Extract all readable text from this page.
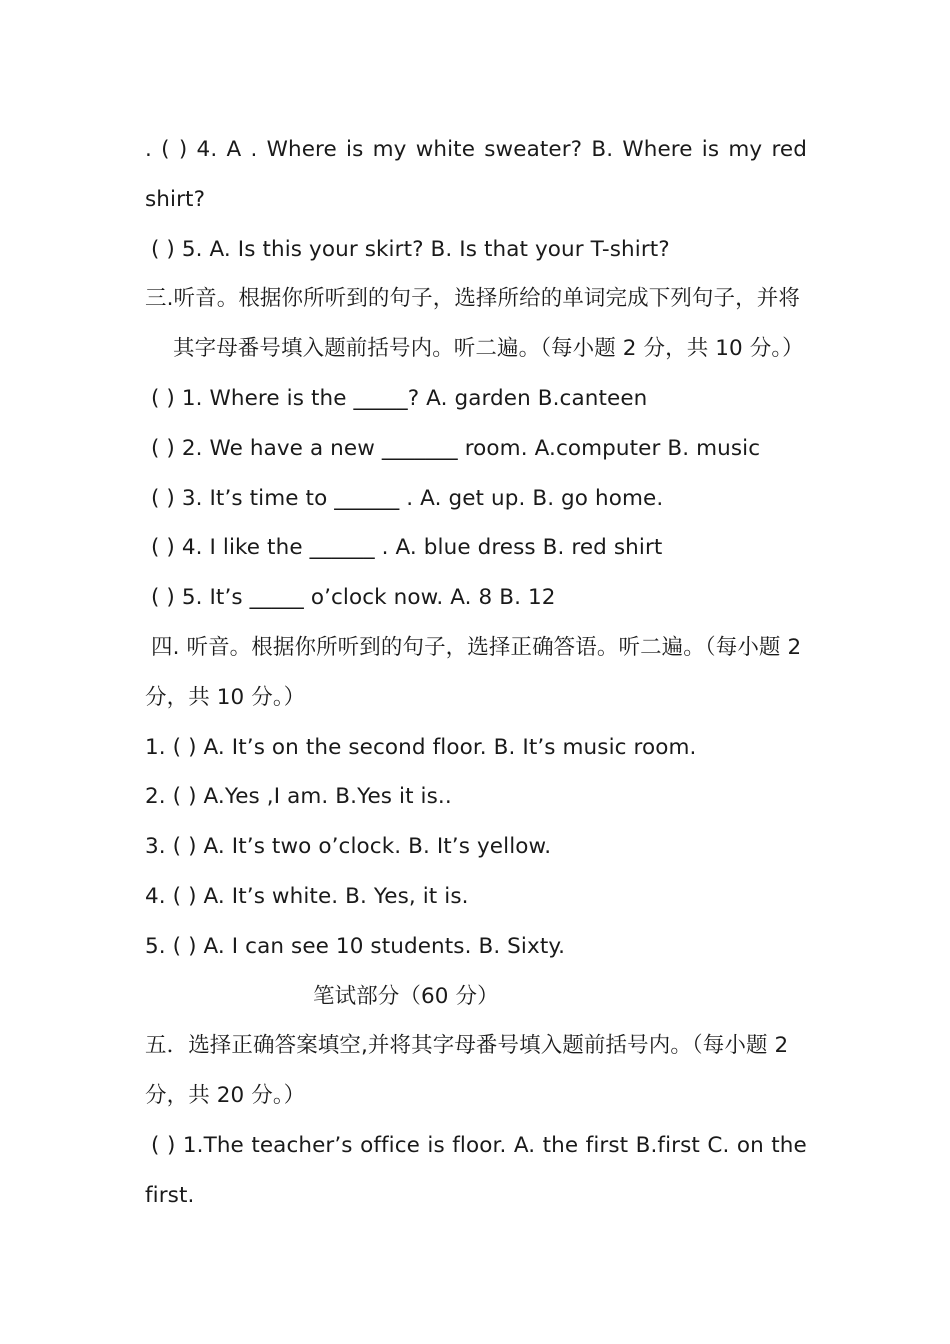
. ( ) 4. A . Where is my white sweater? B. Where is my red
shirt?
( ) 5. A. Is this your skirt? B. Is that your T-shirt?
三.听音。根据你所听到的句子，选择所给的单词完成下列句子，并将
其字母番号填入题前括号内。听二遍。（每小题 2 分，共 10 分。）
( ) 1. Where is the _____? A. garden B.canteen
( ) 2. We have a new _______ room. A.computer B. music
( ) 3. It’s time to ______ . A. get up. B. go home.
( ) 4. I like the ______ . A. blue dress B. red shirt
( ) 5. It’s _____ o’clock now. A. 8 B. 12
四. 听音。根据你所听到的句子，选择正确答语。听二遍。（每小题 2
分，共 10 分。）
1. ( ) A. It’s on the second floor. B. It’s music room.
2. ( ) A.Yes ,I am. B.Yes it is..
3. ( ) A. It’s two o’clock. B. It’s yellow.
4. ( ) A. It’s white. B. Yes, it is.
5. ( ) A. I can see 10 students. B. Sixty.
笔试部分（60 分）
五．选择正确答案填空,并将其字母番号填入题前括号内。（每小题 2
分，共 20 分。）
( ) 1.The teacher’s office is floor. A. the first B.first C. on the
first.
